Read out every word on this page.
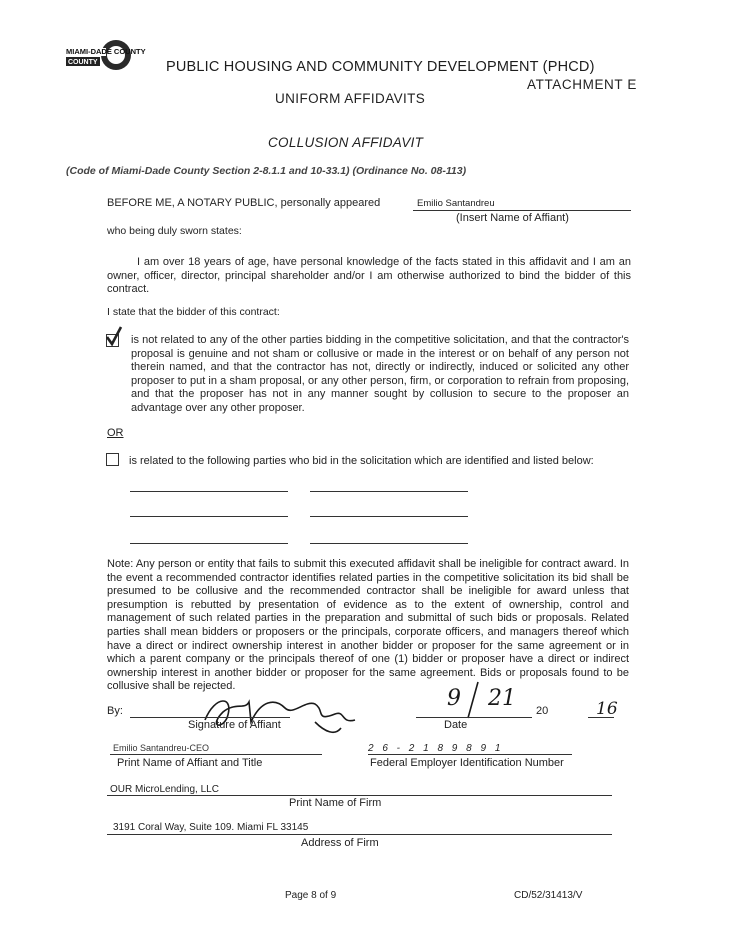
MIAMI-DADE COUNTY
COUNTY	PUBLIC HOUSING AND COMMUNITY DEVELOPMENT (PHCD)
ATTACHMENT E
UNIFORM AFFIDAVITS
COLLUSION AFFIDAVIT
(Code of Miami-Dade County Section 2-8.1.1 and 10-33.1) (Ordinance No. 08-113)
BEFORE ME, A NOTARY PUBLIC, personally appeared	Emilio Santandreu
(Insert Name of Affiant)
who being duly sworn states:
I am over 18 years of age, have personal knowledge of the facts stated in this affidavit and I am an owner, officer, director, principal shareholder and/or I am otherwise authorized to bind the bidder of this contract.
I state that the bidder of this contract:
is not related to any of the other parties bidding in the competitive solicitation, and that the contractor's proposal is genuine and not sham or collusive or made in the interest or on behalf of any person not therein named, and that the contractor has not, directly or indirectly, induced or solicited any other proposer to put in a sham proposal, or any other person, firm, or corporation to refrain from proposing, and that the proposer has not in any manner sought by collusion to secure to the proposer an advantage over any other proposer.
OR
is related to the following parties who bid in the solicitation which are identified and listed below:
Note: Any person or entity that fails to submit this executed affidavit shall be ineligible for contract award. In the event a recommended contractor identifies related parties in the competitive solicitation its bid shall be presumed to be collusive and the recommended contractor shall be ineligible for award unless that presumption is rebutted by presentation of evidence as to the extent of ownership, control and management of such related parties in the preparation and submittal of such bids or proposals. Related parties shall mean bidders or proposers or the principals, corporate officers, and managers thereof which have a direct or indirect ownership interest in another bidder or proposer for the same agreement or in which a parent company or the principals thereof of one (1) bidder or proposer have a direct or indirect ownership interest in another bidder or proposer for the same agreement. Bids or proposals found to be collusive shall be rejected.
By:
Signature of Affiant
9 21 20	16
Date
Emilio Santandreu-CEO
Print Name of Affiant and Title
2 6 - 2 1 8 9 8 9 1
Federal Employer Identification Number
OUR MicroLending, LLC
Print Name of Firm
3191 Coral Way, Suite 109. Miami FL 33145
Address of Firm
Page 8 of 9	CD/52/31413/V
